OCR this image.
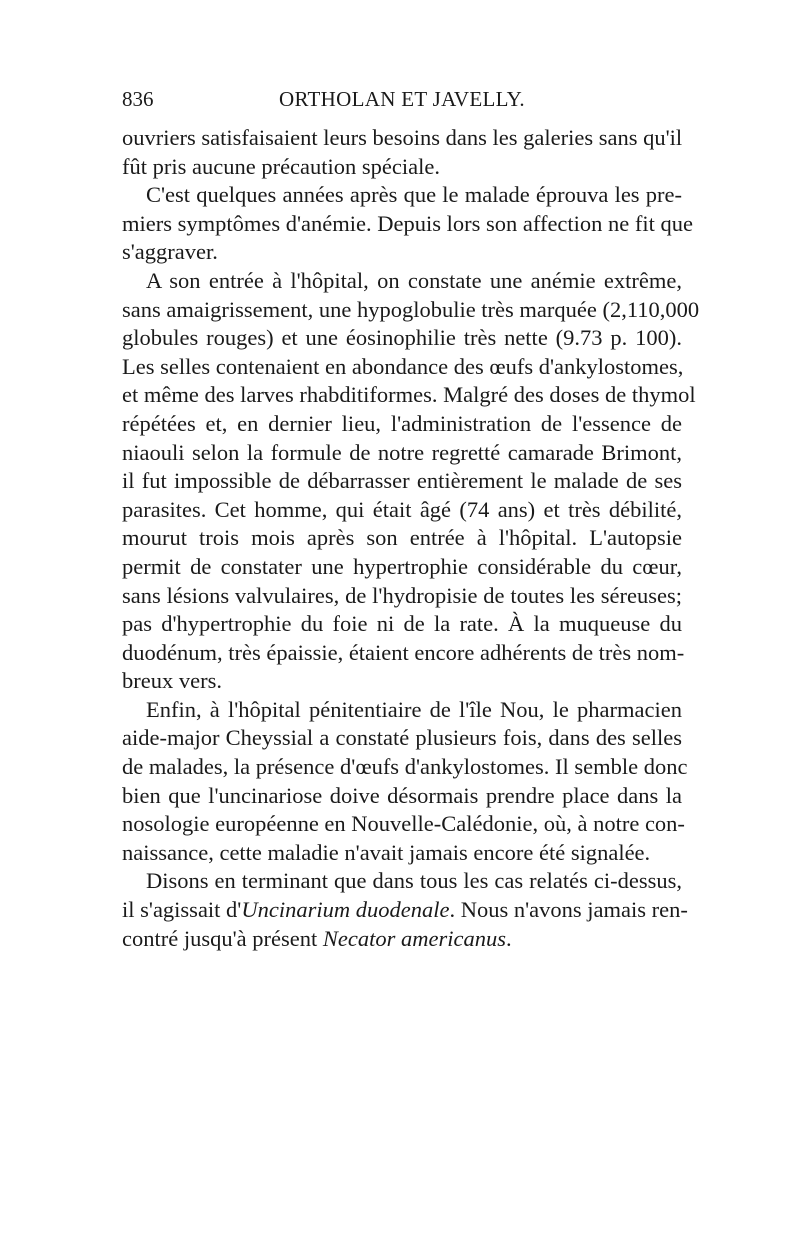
836	ORTHOLAN ET JAVELLY.
ouvriers satisfaisaient leurs besoins dans les galeries sans qu'il
fût pris aucune précaution spéciale.
C'est quelques années après que le malade éprouva les pre-
miers symptômes d'anémie. Depuis lors son affection ne fit que
s'aggraver.
A son entrée à l'hôpital, on constate une anémie extrême,
sans amaigrissement, une hypoglobulie très marquée (2,110,000
globules rouges) et une éosinophilie très nette (9.73 p. 100).
Les selles contenaient en abondance des œufs d'ankylostomes,
et même des larves rhabditiformes. Malgré des doses de thymol
répétées et, en dernier lieu, l'administration de l'essence de
niaouli selon la formule de notre regretté camarade Brimont,
il fut impossible de débarrasser entièrement le malade de ses
parasites. Cet homme, qui était âgé (74 ans) et très débilité,
mourut trois mois après son entrée à l'hôpital. L'autopsie
permit de constater une hypertrophie considérable du cœur,
sans lésions valvulaires, de l'hydropisie de toutes les séreuses;
pas d'hypertrophie du foie ni de la rate. À la muqueuse du
duodénum, très épaissie, étaient encore adhérents de très nom-
breux vers.
Enfin, à l'hôpital pénitentiaire de l'île Nou, le pharmacien
aide-major Cheyssial a constaté plusieurs fois, dans des selles
de malades, la présence d'œufs d'ankylostomes. Il semble donc
bien que l'uncinariose doive désormais prendre place dans la
nosologie européenne en Nouvelle-Calédonie, où, à notre con-
naissance, cette maladie n'avait jamais encore été signalée.
Disons en terminant que dans tous les cas relatés ci-dessus,
il s'agissait d'Uncinarium duodenale. Nous n'avons jamais ren-
contré jusqu'à présent Necator americanus.
